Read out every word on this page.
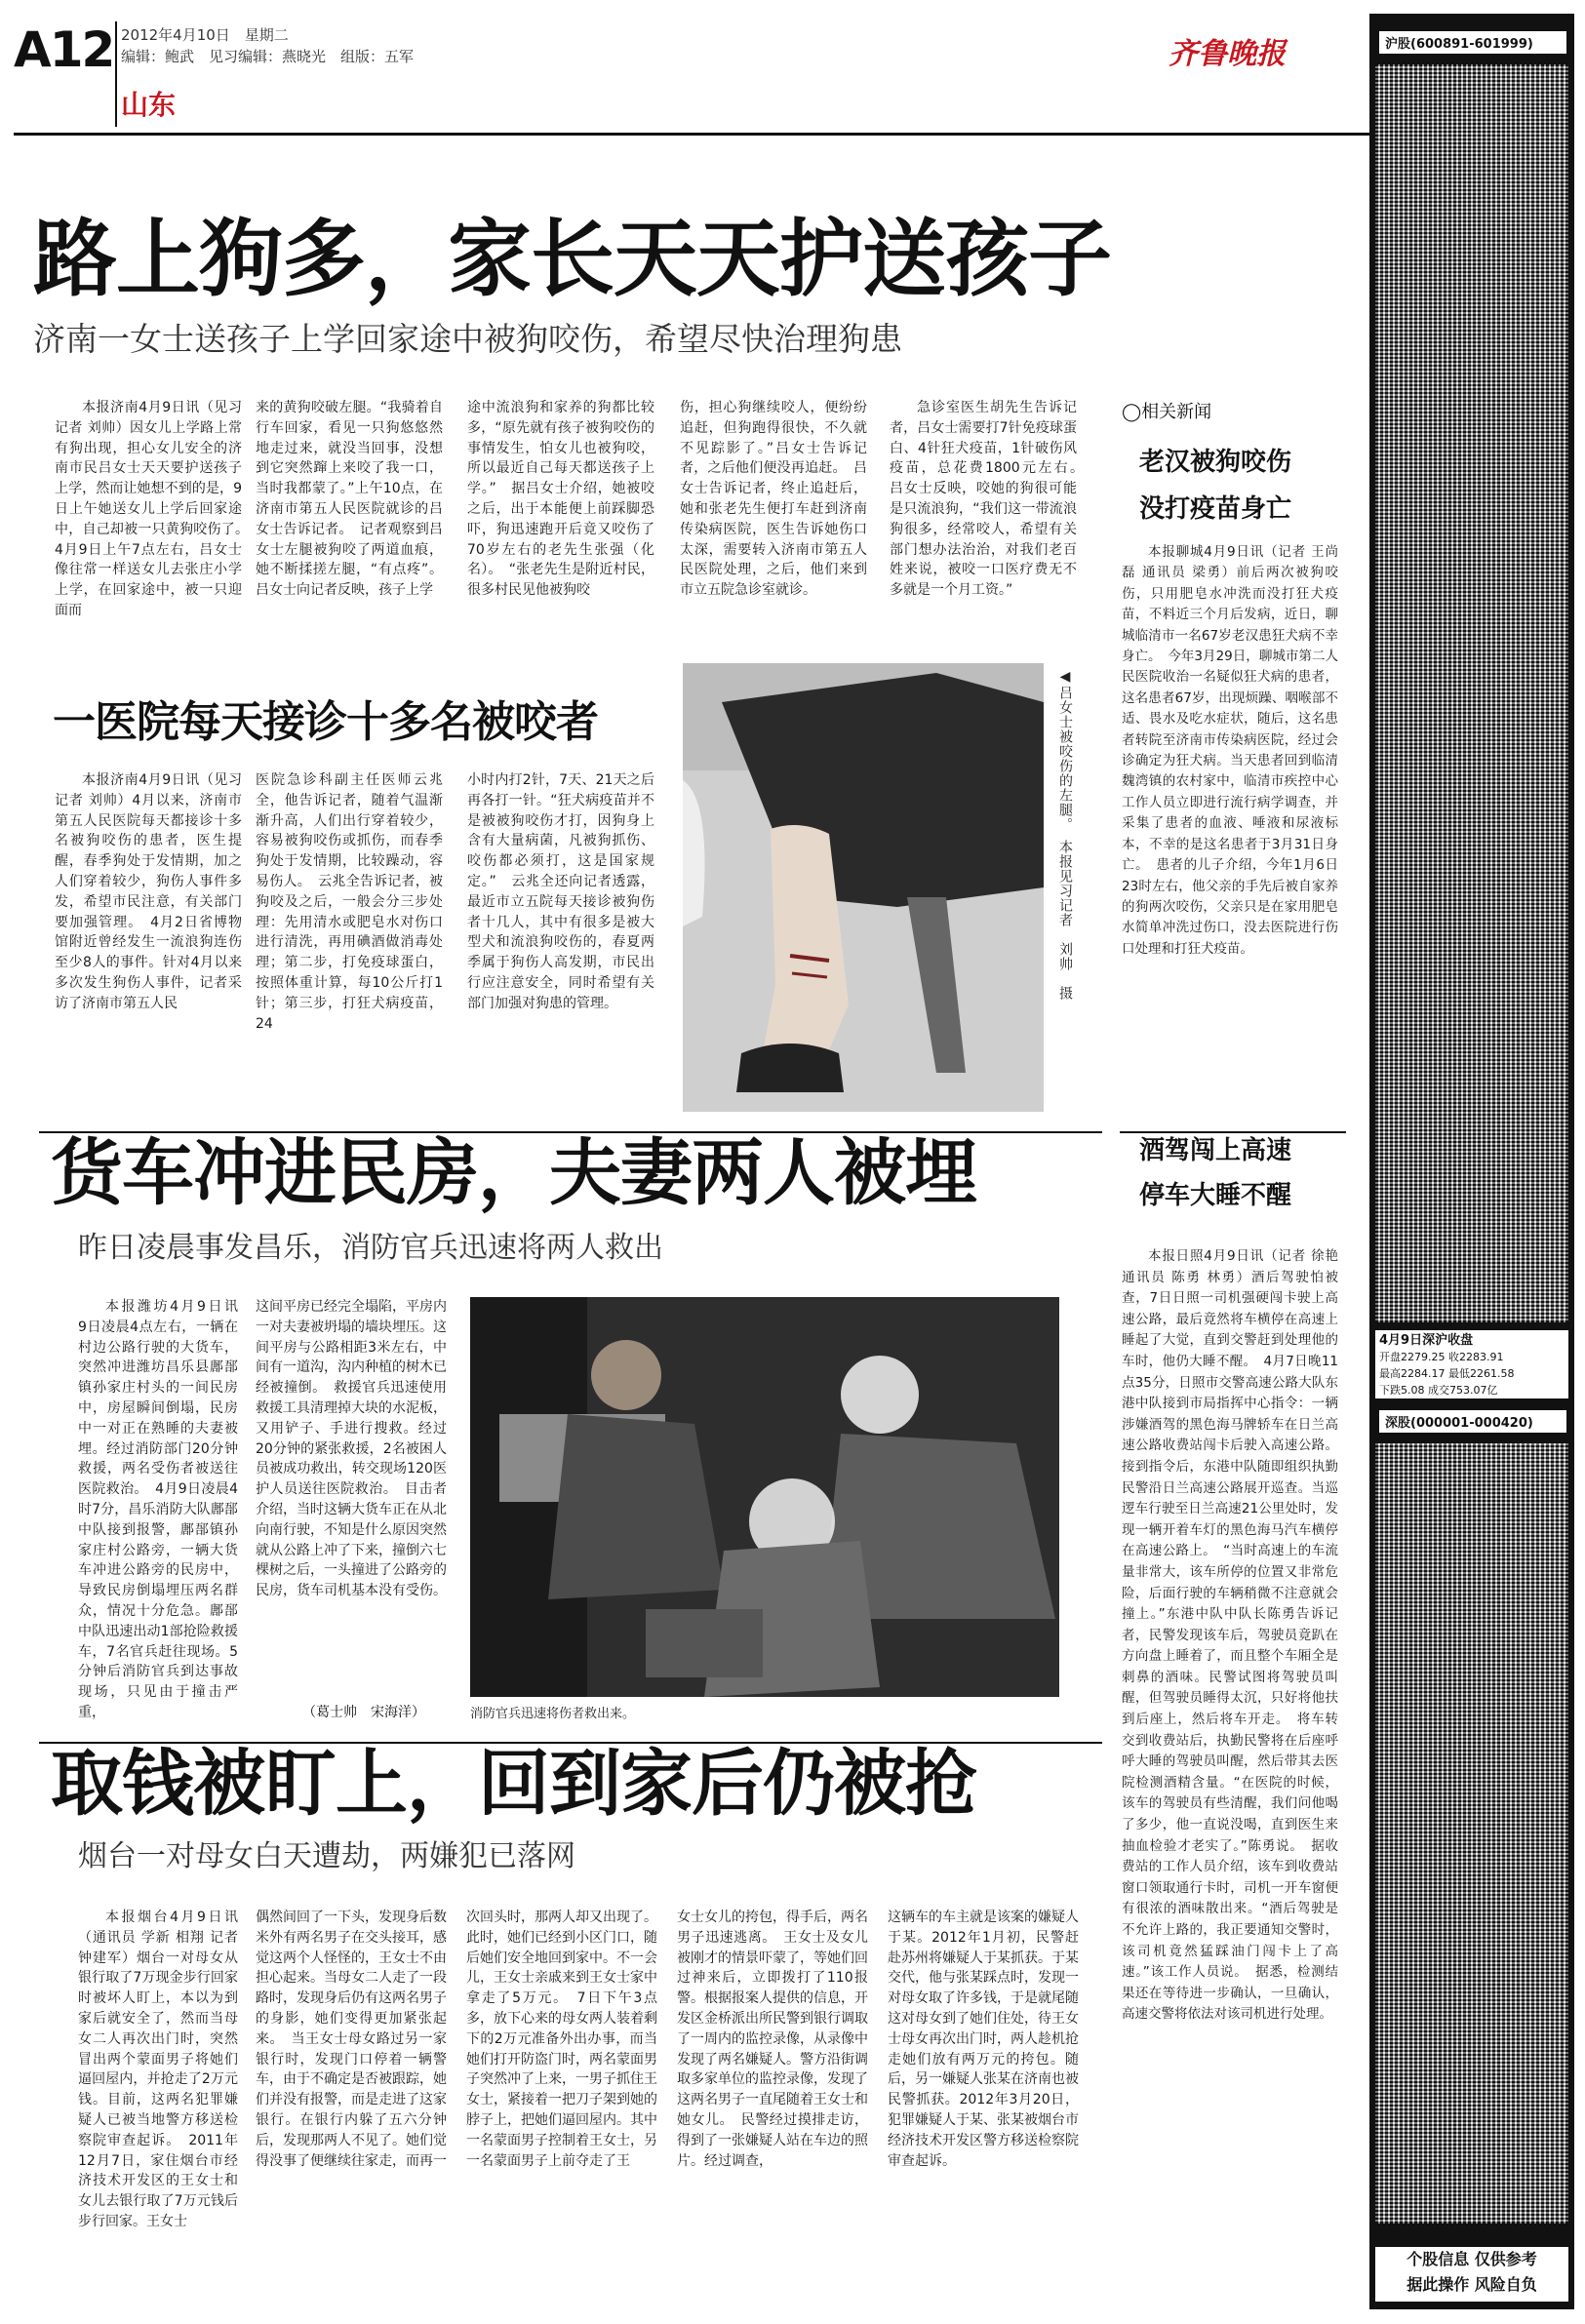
A12 2012年4月10日　星期二
编辑：鲍武　见习编辑：燕晓光　组版：五军
山东
齐鲁晚报
路上狗多，家长天天护送孩子
济南一女士送孩子上学回家途中被狗咬伤，希望尽快治理狗患

本报济南4月9日讯（见习记者 刘帅）因女儿上学路上常有狗出现，担心女儿安全的济南市民吕女士天天要护送孩子上学，然而让她想不到的是，9日上午她送女儿上学后回家途中，自己却被一只黄狗咬伤了。　4月9日上午7点左右，吕女士像往常一样送女儿去张庄小学上学，在回家途中，被一只迎面而

来的黄狗咬破左腿。“我骑着自行车回家，看见一只狗悠悠然地走过来，就没当回事，没想到它突然蹿上来咬了我一口，当时我都蒙了。”上午10点，在济南市第五人民医院就诊的吕女士告诉记者。　记者观察到吕女士左腿被狗咬了两道血痕，她不断揉搓左腿，“有点疼”。吕女士向记者反映，孩子上学

途中流浪狗和家养的狗都比较多，“原先就有孩子被狗咬伤的事情发生，怕女儿也被狗咬，所以最近自己每天都送孩子上学。”　据吕女士介绍，她被咬之后，出于本能便上前踩脚恐吓，狗迅速跑开后竟又咬伤了70岁左右的老先生张强（化名）。　“张老先生是附近村民，很多村民见他被狗咬

伤，担心狗继续咬人，便纷纷追赶，但狗跑得很快，不久就不见踪影了。”吕女士告诉记者，之后他们便没再追赶。　吕女士告诉记者，终止追赶后，她和张老先生便打车赶到济南传染病医院，医生告诉她伤口太深，需要转入济南市第五人民医院处理，之后，他们来到市立五院急诊室就诊。

急诊室医生胡先生告诉记者，吕女士需要打7针免疫球蛋白、4针狂犬疫苗，1针破伤风疫苗，总花费1800元左右。　吕女士反映，咬她的狗很可能是只流浪狗，“我们这一带流浪狗很多，经常咬人，希望有关部门想办法治治，对我们老百姓来说，被咬一口医疗费无不多就是一个月工资。”

一医院每天接诊十多名被咬者

本报济南4月9日讯（见习记者 刘帅）4月以来，济南市第五人民医院每天都接诊十多名被狗咬伤的患者，医生提醒，春季狗处于发情期，加之人们穿着较少，狗伤人事件多发，希望市民注意，有关部门要加强管理。　4月2日省博物馆附近曾经发生一流浪狗连伤至少8人的事件。针对4月以来多次发生狗伤人事件，记者采访了济南市第五人民

医院急诊科副主任医师云兆全，他告诉记者，随着气温渐渐升高，人们出行穿着较少，容易被狗咬伤或抓伤，而春季狗处于发情期，比较躁动，容易伤人。　云兆全告诉记者，被狗咬及之后，一般会分三步处理：先用清水或肥皂水对伤口进行清洗，再用碘酒做消毒处理；第二步，打免疫球蛋白，按照体重计算，每10公斤打1针；第三步，打狂犬病疫苗，24

小时内打2针，7天、21天之后再各打一针。“狂犬病疫苗并不是被被狗咬伤才打，因狗身上含有大量病菌，凡被狗抓伤、咬伤都必须打，这是国家规定。”　云兆全还向记者透露，最近市立五院每天接诊被狗伤者十几人，其中有很多是被大型犬和流浪狗咬伤的，春夏两季属于狗伤人高发期，市民出行应注意安全，同时希望有关部门加强对狗患的管理。

◀吕女士被咬伤的左腿。　本报见习记者　刘帅　摄
◯相关新闻
老汉被狗咬伤
没打疫苗身亡

本报聊城4月9日讯（记者 王尚磊 通讯员 梁勇）前后两次被狗咬伤，只用肥皂水冲洗而没打狂犬疫苗，不料近三个月后发病，近日，聊城临清市一名67岁老汉患狂犬病不幸身亡。　今年3月29日，聊城市第二人民医院收治一名疑似狂犬病的患者，这名患者67岁，出现烦躁、咽喉部不适、畏水及吃水症状，随后，这名患者转院至济南市传染病医院，经过会诊确定为狂犬病。当天患者回到临清魏湾镇的农村家中，临清市疾控中心工作人员立即进行流行病学调查，并采集了患者的血液、唾液和尿液标本，不幸的是这名患者于3月31日身亡。　患者的儿子介绍，今年1月6日23时左右，他父亲的手先后被自家养的狗两次咬伤，父亲只是在家用肥皂水简单冲洗过伤口，没去医院进行伤口处理和打狂犬疫苗。

货车冲进民房，夫妻两人被埋
昨日凌晨事发昌乐，消防官兵迅速将两人救出

本报潍坊4月9日讯　9日凌晨4点左右，一辆在村边公路行驶的大货车，突然冲进潍坊昌乐县鄌郚镇孙家庄村头的一间民房中，房屋瞬间倒塌，民房中一对正在熟睡的夫妻被埋。经过消防部门20分钟救援，两名受伤者被送往医院救治。　4月9日凌晨4时7分，昌乐消防大队鄌郚中队接到报警，鄌郚镇孙家庄村公路旁，一辆大货车冲进公路旁的民房中，导致民房倒塌埋压两名群众，情况十分危急。鄌郚中队迅速出动1部抢险救援车，7名官兵赶往现场。5分钟后消防官兵到达事故现场，只见由于撞击严重，

这间平房已经完全塌陷，平房内一对夫妻被坍塌的墙块埋压。这间平房与公路相距3米左右，中间有一道沟，沟内种植的树木已经被撞倒。　救援官兵迅速使用救援工具清理掉大块的水泥板，又用铲子、手进行搜救。经过20分钟的紧张救援，2名被困人员被成功救出，转交现场120医护人员送往医院救治。　目击者介绍，当时这辆大货车正在从北向南行驶，不知是什么原因突然就从公路上冲了下来，撞倒六七棵树之后，一头撞进了公路旁的民房，货车司机基本没有受伤。

（葛士帅　宋海洋）	消防官兵迅速将伤者救出来。
酒驾闯上高速
停车大睡不醒

本报日照4月9日讯（记者 徐艳 通讯员 陈勇 林勇）酒后驾驶怕被查，7日日照一司机强硬闯卡驶上高速公路，最后竟然将车横停在高速上睡起了大觉，直到交警赶到处理他的车时，他仍大睡不醒。　4月7日晚11点35分，日照市交警高速公路大队东港中队接到市局指挥中心指令：一辆涉嫌酒驾的黑色海马牌轿车在日兰高速公路收费站闯卡后驶入高速公路。接到指令后，东港中队随即组织执勤民警沿日兰高速公路展开巡查。当巡逻车行驶至日兰高速21公里处时，发现一辆开着车灯的黑色海马汽车横停在高速公路上。　“当时高速上的车流量非常大，该车所停的位置又非常危险，后面行驶的车辆稍微不注意就会撞上。”东港中队中队长陈勇告诉记者，民警发现该车后，驾驶员竟趴在方向盘上睡着了，而且整个车厢全是刺鼻的酒味。民警试图将驾驶员叫醒，但驾驶员睡得太沉，只好将他扶到后座上，然后将车开走。　将车转交到收费站后，执勤民警将在后座呼呼大睡的驾驶员叫醒，然后带其去医院检测酒精含量。“在医院的时候，该车的驾驶员有些清醒，我们问他喝了多少，他一直说没喝，直到医生来抽血检验才老实了。”陈勇说。　据收费站的工作人员介绍，该车到收费站窗口领取通行卡时，司机一开车窗便有很浓的酒味散出来。“酒后驾驶是不允许上路的，我正要通知交警时，该司机竟然猛踩油门闯卡上了高速。”该工作人员说。　据悉，检测结果还在等待进一步确认，一旦确认，高速交警将依法对该司机进行处理。

取钱被盯上，回到家后仍被抢
烟台一对母女白天遭劫，两嫌犯已落网

本报烟台4月9日讯（通讯员 学新 相翔 记者 钟建军）烟台一对母女从银行取了7万现金步行回家时被坏人盯上，本以为到家后就安全了，然而当母女二人再次出门时，突然冒出两个蒙面男子将她们逼回屋内，并抢走了2万元钱。目前，这两名犯罪嫌疑人已被当地警方移送检察院审查起诉。　2011年12月7日，家住烟台市经济技术开发区的王女士和女儿去银行取了7万元钱后步行回家。王女士

偶然间回了一下头，发现身后数米外有两名男子在交头接耳，感觉这两个人怪怪的，王女士不由担心起来。当母女二人走了一段路时，发现身后仍有这两名男子的身影，她们变得更加紧张起来。　当王女士母女路过另一家银行时，发现门口停着一辆警车，由于不确定是否被跟踪，她们并没有报警，而是走进了这家银行。在银行内躲了五六分钟后，发现那两人不见了。她们觉得没事了便继续往家走，而再一

次回头时，那两人却又出现了。此时，她们已经到小区门口，随后她们安全地回到家中。不一会儿，王女士亲戚来到王女士家中拿走了5万元。　7日下午3点多，放下心来的母女两人装着剩下的2万元准备外出办事，而当她们打开防盗门时，两名蒙面男子突然冲了上来，一男子抓住王女士，紧接着一把刀子架到她的脖子上，把她们逼回屋内。其中一名蒙面男子控制着王女士，另一名蒙面男子上前夺走了王

女士女儿的挎包，得手后，两名男子迅速逃离。　王女士及女儿被刚才的情景吓蒙了，等她们回过神来后，立即拨打了110报警。根据报案人提供的信息，开发区金桥派出所民警到银行调取了一周内的监控录像，从录像中发现了两名嫌疑人。警方沿街调取多家单位的监控录像，发现了这两名男子一直尾随着王女士和她女儿。　民警经过摸排走访，得到了一张嫌疑人站在车边的照片。经过调查，

这辆车的车主就是该案的嫌疑人于某。2012年1月初，民警赶赴苏州将嫌疑人于某抓获。于某交代，他与张某踩点时，发现一对母女取了许多钱，于是就尾随这对母女到了她们住处，待王女士母女再次出门时，两人趁机抢走她们放有两万元的挎包。随后，另一嫌疑人张某在济南也被民警抓获。2012年3月20日，犯罪嫌疑人于某、张某被烟台市经济技术开发区警方移送检察院审查起诉。

沪股(600891-601999)
4月9日深沪收盘
开盘2279.25 收2283.91
最高2284.17 最低2261.58
下跌5.08 成交753.07亿
深股(000001-000420)
个股信息 仅供参考
据此操作 风险自负
